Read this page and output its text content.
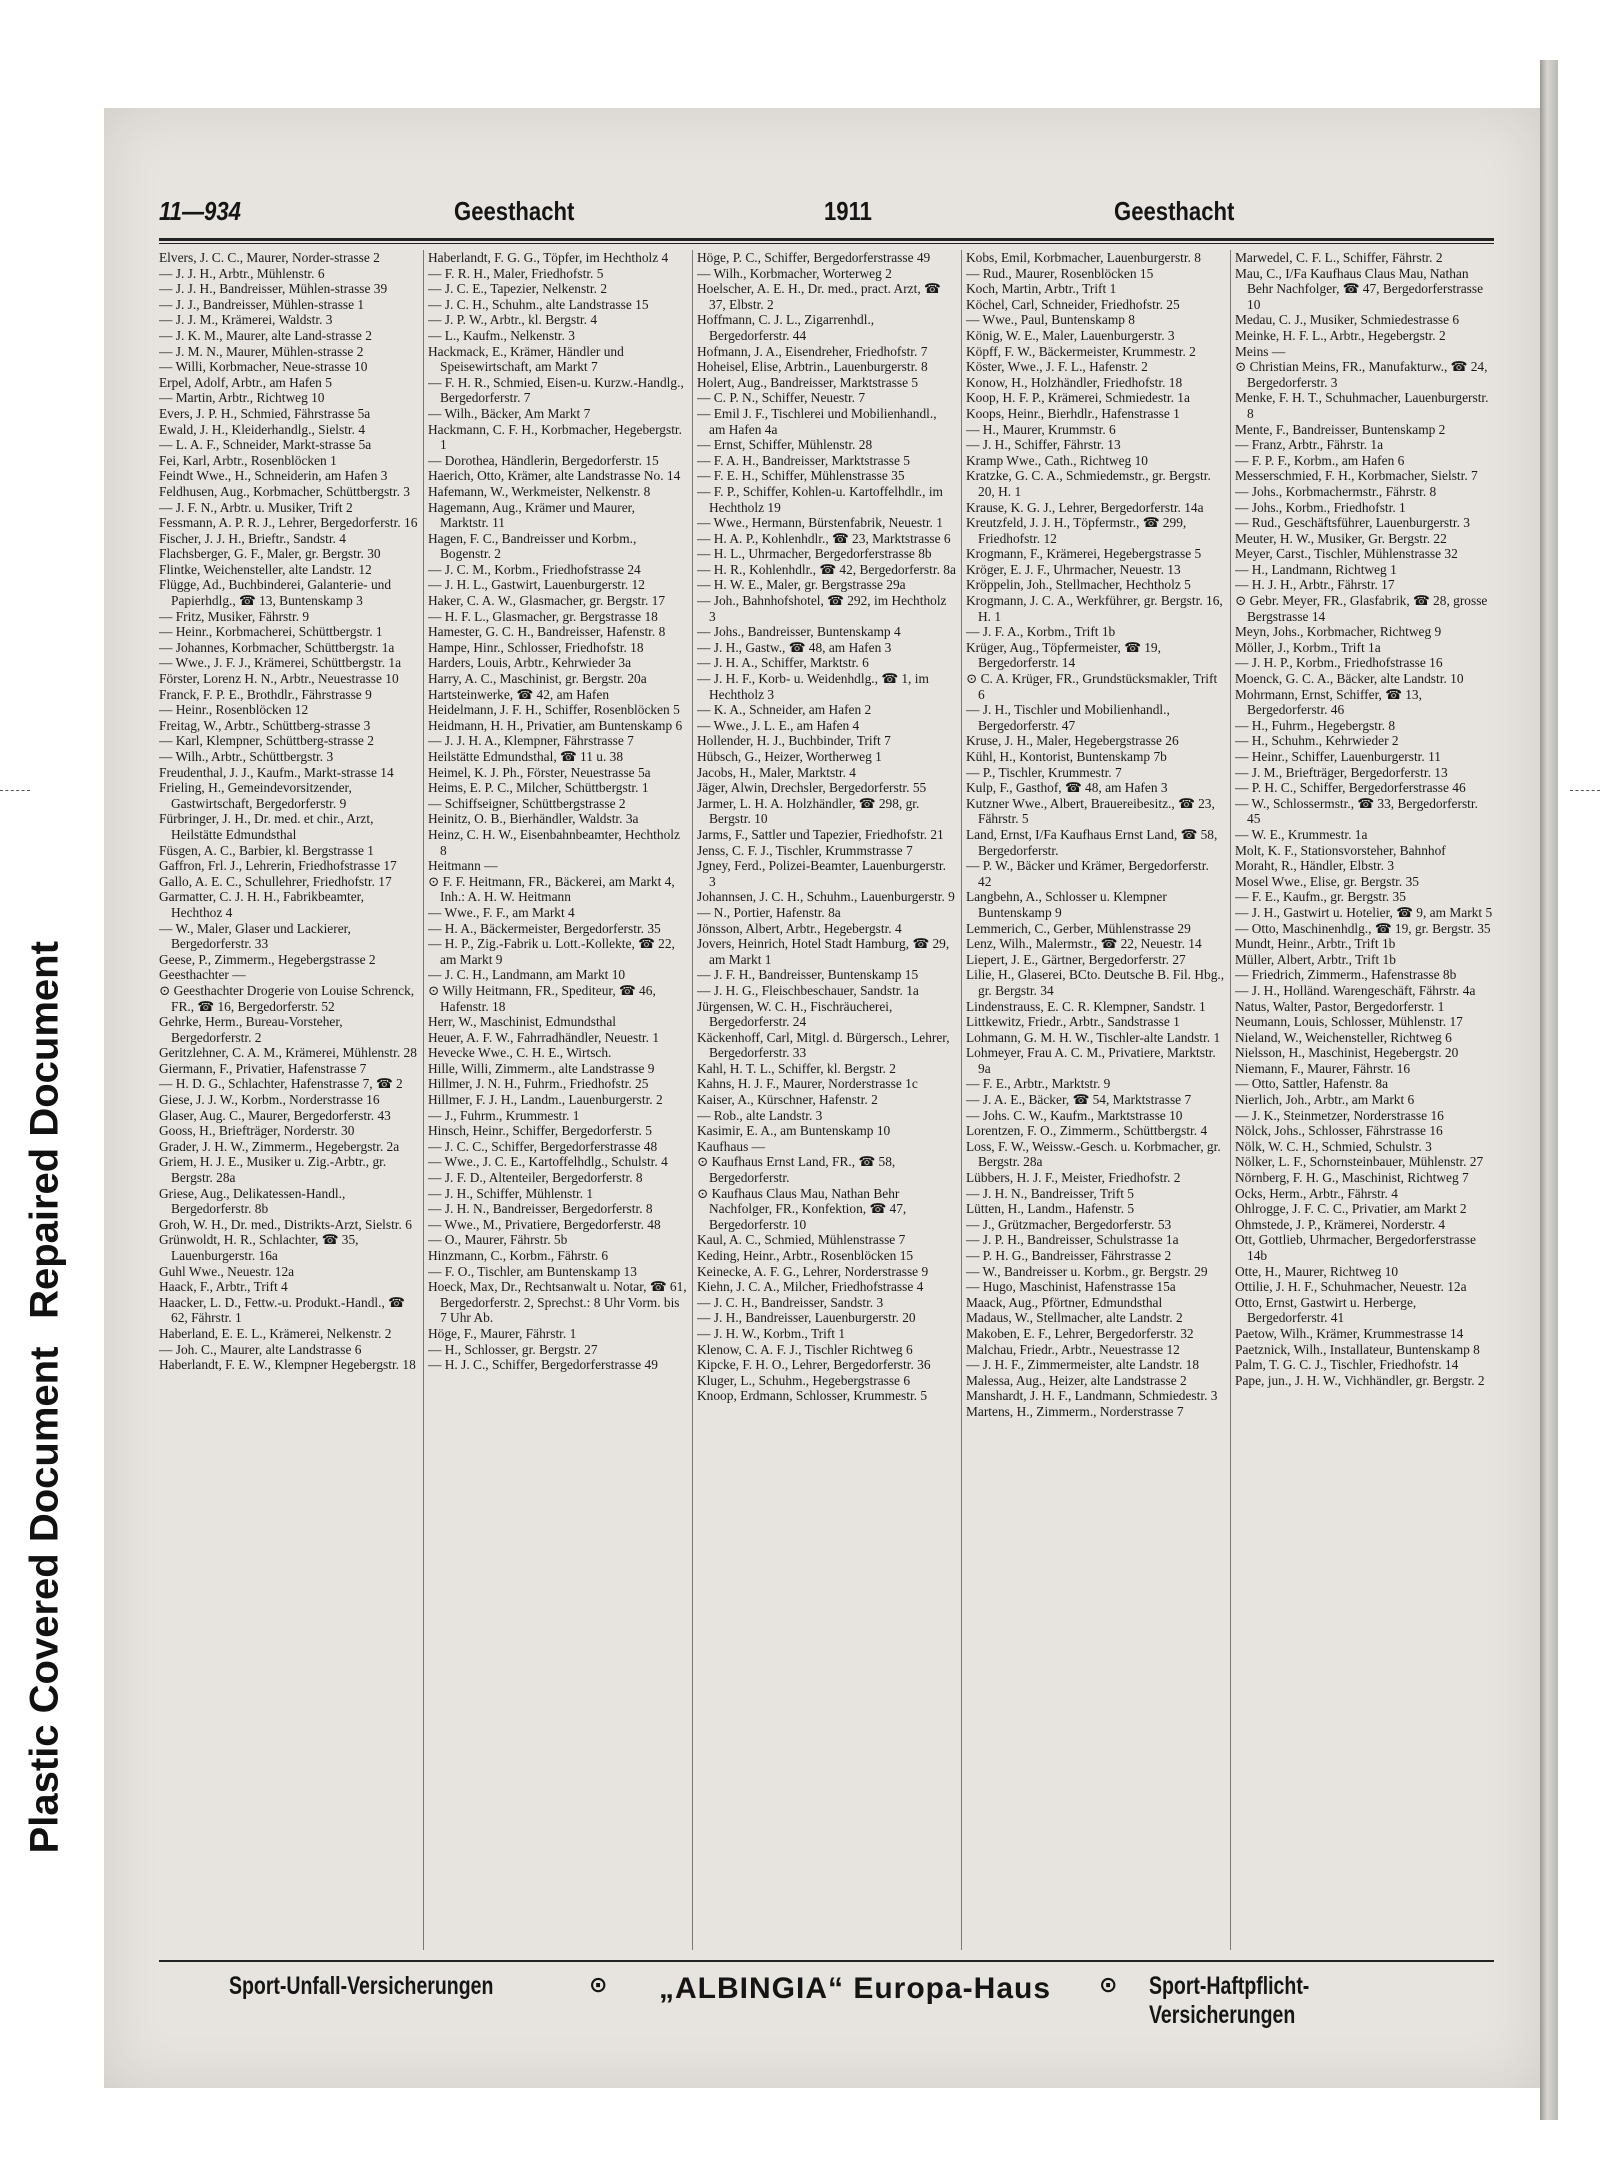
Repaired Document
Plastic Covered Document
11—934	Geesthacht	1911	Geesthacht

Elvers, J. C. C., Maurer, Norder-strasse 2

— J. J. H., Arbtr., Mühlenstr. 6

— J. J. H., Bandreisser, Mühlen-strasse 39

— J. J., Bandreisser, Mühlen-strasse 1

— J. J. M., Krämerei, Waldstr. 3

— J. K. M., Maurer, alte Land-strasse 2

— J. M. N., Maurer, Mühlen-strasse 2

— Willi, Korbmacher, Neue-strasse 10

Erpel, Adolf, Arbtr., am Hafen 5

— Martin, Arbtr., Richtweg 10

Evers, J. P. H., Schmied, Fährstrasse 5a

Ewald, J. H., Kleiderhandlg., Sielstr. 4

— L. A. F., Schneider, Markt-strasse 5a

Fei, Karl, Arbtr., Rosenblöcken 1

Feindt Wwe., H., Schneiderin, am Hafen 3

Feldhusen, Aug., Korbmacher, Schüttbergstr. 3

— J. F. N., Arbtr. u. Musiker, Trift 2

Fessmann, A. P. R. J., Lehrer, Bergedorferstr. 16

Fischer, J. J. H., Brieftr., Sandstr. 4

Flachsberger, G. F., Maler, gr. Bergstr. 30

Flintke, Weichensteller, alte Landstr. 12

Flügge, Ad., Buchbinderei, Galanterie- und Papierhdlg., ☎ 13, Buntenskamp 3

— Fritz, Musiker, Fährstr. 9

— Heinr., Korbmacherei, Schüttbergstr. 1

— Johannes, Korbmacher, Schüttbergstr. 1a

— Wwe., J. F. J., Krämerei, Schüttbergstr. 1a

Förster, Lorenz H. N., Arbtr., Neuestrasse 10

Franck, F. P. E., Brothdlr., Fährstrasse 9

— Heinr., Rosenblöcken 12

Freitag, W., Arbtr., Schüttberg-strasse 3

— Karl, Klempner, Schüttberg-strasse 2

— Wilh., Arbtr., Schüttbergstr. 3

Freudenthal, J. J., Kaufm., Markt-strasse 14

Frieling, H., Gemeindevorsitzender, Gastwirtschaft, Bergedorferstr. 9

Fürbringer, J. H., Dr. med. et chir., Arzt, Heilstätte Edmundsthal

Füsgen, A. C., Barbier, kl. Bergstrasse 1

Gaffron, Frl. J., Lehrerin, Friedhofstrasse 17

Gallo, A. E. C., Schullehrer, Friedhofstr. 17

Garmatter, C. J. H. H., Fabrikbeamter, Hechthoz 4

— W., Maler, Glaser und Lackierer, Bergedorferstr. 33

Geese, P., Zimmerm., Hegebergstrasse 2

Geesthachter —

⊙ Geesthachter Drogerie von Louise Schrenck, FR., ☎ 16, Bergedorferstr. 52

Gehrke, Herm., Bureau-Vorsteher, Bergedorferstr. 2

Geritzlehner, C. A. M., Krämerei, Mühlenstr. 28

Giermann, F., Privatier, Hafenstrasse 7

— H. D. G., Schlachter, Hafenstrasse 7, ☎ 2

Giese, J. J. W., Korbm., Norderstrasse 16

Glaser, Aug. C., Maurer, Bergedorferstr. 43

Gooss, H., Briefträger, Norderstr. 30

Grader, J. H. W., Zimmerm., Hegebergstr. 2a

Griem, H. J. E., Musiker u. Zig.-Arbtr., gr. Bergstr. 28a

Griese, Aug., Delikatessen-Handl., Bergedorferstr. 8b

Groh, W. H., Dr. med., Distrikts-Arzt, Sielstr. 6

Grünwoldt, H. R., Schlachter, ☎ 35, Lauenburgerstr. 16a

Guhl Wwe., Neuestr. 12a

Haack, F., Arbtr., Trift 4

Haacker, L. D., Fettw.-u. Produkt.-Handl., ☎ 62, Fährstr. 1

Haberland, E. E. L., Krämerei, Nelkenstr. 2

— Joh. C., Maurer, alte Landstrasse 6

Haberlandt, F. E. W., Klempner Hegebergstr. 18

Haberlandt, F. G. G., Töpfer, im Hechtholz 4

— F. R. H., Maler, Friedhofstr. 5

— J. C. E., Tapezier, Nelkenstr. 2

— J. C. H., Schuhm., alte Landstrasse 15

— J. P. W., Arbtr., kl. Bergstr. 4

— L., Kaufm., Nelkenstr. 3

Hackmack, E., Krämer, Händler und Speisewirtschaft, am Markt 7

— F. H. R., Schmied, Eisen-u. Kurzw.-Handlg., Bergedorferstr. 7

— Wilh., Bäcker, Am Markt 7

Hackmann, C. F. H., Korbmacher, Hegebergstr. 1

— Dorothea, Händlerin, Bergedorferstr. 15

Haerich, Otto, Krämer, alte Landstrasse No. 14

Hafemann, W., Werkmeister, Nelkenstr. 8

Hagemann, Aug., Krämer und Maurer, Marktstr. 11

Hagen, F. C., Bandreisser und Korbm., Bogenstr. 2

— J. C. M., Korbm., Friedhofstrasse 24

— J. H. L., Gastwirt, Lauenburgerstr. 12

Haker, C. A. W., Glasmacher, gr. Bergstr. 17

— H. F. L., Glasmacher, gr. Bergstrasse 18

Hamester, G. C. H., Bandreisser, Hafenstr. 8

Hampe, Hinr., Schlosser, Friedhofstr. 18

Harders, Louis, Arbtr., Kehrwieder 3a

Harry, A. C., Maschinist, gr. Bergstr. 20a

Hartsteinwerke, ☎ 42, am Hafen

Heidelmann, J. F. H., Schiffer, Rosenblöcken 5

Heidmann, H. H., Privatier, am Buntenskamp 6

— J. J. H. A., Klempner, Fährstrasse 7

Heilstätte Edmundsthal, ☎ 11 u. 38

Heimel, K. J. Ph., Förster, Neuestrasse 5a

Heims, E. P. C., Milcher, Schüttbergstr. 1

— Schiffseigner, Schüttbergstrasse 2

Heinitz, O. B., Bierhändler, Waldstr. 3a

Heinz, C. H. W., Eisenbahnbeamter, Hechtholz 8

Heitmann —

⊙ F. F. Heitmann, FR., Bäckerei, am Markt 4, Inh.: A. H. W. Heitmann

— Wwe., F. F., am Markt 4

— H. A., Bäckermeister, Bergedorferstr. 35

— H. P., Zig.-Fabrik u. Lott.-Kollekte, ☎ 22, am Markt 9

— J. C. H., Landmann, am Markt 10

⊙ Willy Heitmann, FR., Spediteur, ☎ 46, Hafenstr. 18

Herr, W., Maschinist, Edmundsthal

Heuer, A. F. W., Fahrradhändler, Neuestr. 1

Hevecke Wwe., C. H. E., Wirtsch.

Hille, Willi, Zimmerm., alte Landstrasse 9

Hillmer, J. N. H., Fuhrm., Friedhofstr. 25

Hillmer, F. J. H., Landm., Lauenburgerstr. 2

— J., Fuhrm., Krummestr. 1

Hinsch, Heinr., Schiffer, Bergedorferstr. 5

— J. C. C., Schiffer, Bergedorferstrasse 48

— Wwe., J. C. E., Kartoffelhdlg., Schulstr. 4

— J. F. D., Altenteiler, Bergedorferstr. 8

— J. H., Schiffer, Mühlenstr. 1

— J. H. N., Bandreisser, Bergedorferstr. 8

— Wwe., M., Privatiere, Bergedorferstr. 48

— O., Maurer, Fährstr. 5b

Hinzmann, C., Korbm., Fährstr. 6

— F. O., Tischler, am Buntenskamp 13

Hoeck, Max, Dr., Rechtsanwalt u. Notar, ☎ 61, Bergedorferstr. 2, Sprechst.: 8 Uhr Vorm. bis 7 Uhr Ab.

Höge, F., Maurer, Fährstr. 1

— H., Schlosser, gr. Bergstr. 27

— H. J. C., Schiffer, Bergedorferstrasse 49

Höge, P. C., Schiffer, Bergedorferstrasse 49

— Wilh., Korbmacher, Worterweg 2

Hoelscher, A. E. H., Dr. med., pract. Arzt, ☎ 37, Elbstr. 2

Hoffmann, C. J. L., Zigarrenhdl., Bergedorferstr. 44

Hofmann, J. A., Eisendreher, Friedhofstr. 7

Hoheisel, Elise, Arbtrin., Lauenburgerstr. 8

Holert, Aug., Bandreisser, Marktstrasse 5

— C. P. N., Schiffer, Neuestr. 7

— Emil J. F., Tischlerei und Mobilienhandl., am Hafen 4a

— Ernst, Schiffer, Mühlenstr. 28

— F. A. H., Bandreisser, Marktstrasse 5

— F. E. H., Schiffer, Mühlenstrasse 35

— F. P., Schiffer, Kohlen-u. Kartoffelhdlr., im Hechtholz 19

— Wwe., Hermann, Bürstenfabrik, Neuestr. 1

— H. A. P., Kohlenhdlr., ☎ 23, Marktstrasse 6

— H. L., Uhrmacher, Bergedorferstrasse 8b

— H. R., Kohlenhdlr., ☎ 42, Bergedorferstr. 8a

— H. W. E., Maler, gr. Bergstrasse 29a

— Joh., Bahnhofshotel, ☎ 292, im Hechtholz 3

— Johs., Bandreisser, Buntenskamp 4

— J. H., Gastw., ☎ 48, am Hafen 3

— J. H. A., Schiffer, Marktstr. 6

— J. H. F., Korb- u. Weidenhdlg., ☎ 1, im Hechtholz 3

— K. A., Schneider, am Hafen 2

— Wwe., J. L. E., am Hafen 4

Hollender, H. J., Buchbinder, Trift 7

Hübsch, G., Heizer, Wortherweg 1

Jacobs, H., Maler, Marktstr. 4

Jäger, Alwin, Drechsler, Bergedorferstr. 55

Jarmer, L. H. A. Holzhändler, ☎ 298, gr. Bergstr. 10

Jarms, F., Sattler und Tapezier, Friedhofstr. 21

Jenss, C. F. J., Tischler, Krummstrasse 7

Jgney, Ferd., Polizei-Beamter, Lauenburgerstr. 3

Johannsen, J. C. H., Schuhm., Lauenburgerstr. 9

— N., Portier, Hafenstr. 8a

Jönsson, Albert, Arbtr., Hegebergstr. 4

Jovers, Heinrich, Hotel Stadt Hamburg, ☎ 29, am Markt 1

— J. F. H., Bandreisser, Buntenskamp 15

— J. H. G., Fleischbeschauer, Sandstr. 1a

Jürgensen, W. C. H., Fischräucherei, Bergedorferstr. 24

Käckenhoff, Carl, Mitgl. d. Bürgersch., Lehrer, Bergedorferstr. 33

Kahl, H. T. L., Schiffer, kl. Bergstr. 2

Kahns, H. J. F., Maurer, Norderstrasse 1c

Kaiser, A., Kürschner, Hafenstr. 2

— Rob., alte Landstr. 3

Kasimir, E. A., am Buntenskamp 10

Kaufhaus —

⊙ Kaufhaus Ernst Land, FR., ☎ 58, Bergedorferstr.

⊙ Kaufhaus Claus Mau, Nathan Behr Nachfolger, FR., Konfektion, ☎ 47, Bergedorferstr. 10

Kaul, A. C., Schmied, Mühlenstrasse 7

Keding, Heinr., Arbtr., Rosenblöcken 15

Keinecke, A. F. G., Lehrer, Norderstrasse 9

Kiehn, J. C. A., Milcher, Friedhofstrasse 4

— J. C. H., Bandreisser, Sandstr. 3

— J. H., Bandreisser, Lauenburgerstr. 20

— J. H. W., Korbm., Trift 1

Klenow, C. A. F. J., Tischler Richtweg 6

Kipcke, F. H. O., Lehrer, Bergedorferstr. 36

Kluger, L., Schuhm., Hegebergstrasse 6

Knoop, Erdmann, Schlosser, Krummestr. 5

Kobs, Emil, Korbmacher, Lauenburgerstr. 8

— Rud., Maurer, Rosenblöcken 15

Koch, Martin, Arbtr., Trift 1

Köchel, Carl, Schneider, Friedhofstr. 25

— Wwe., Paul, Buntenskamp 8

König, W. E., Maler, Lauenburgerstr. 3

Köpff, F. W., Bäckermeister, Krummestr. 2

Köster, Wwe., J. F. L., Hafenstr. 2

Konow, H., Holzhändler, Friedhofstr. 18

Koop, H. F. P., Krämerei, Schmiedestr. 1a

Koops, Heinr., Bierhdlr., Hafenstrasse 1

— H., Maurer, Krummstr. 6

— J. H., Schiffer, Fährstr. 13

Kramp Wwe., Cath., Richtweg 10

Kratzke, G. C. A., Schmiedemstr., gr. Bergstr. 20, H. 1

Krause, K. G. J., Lehrer, Bergedorferstr. 14a

Kreutzfeld, J. J. H., Töpfermstr., ☎ 299, Friedhofstr. 12

Krogmann, F., Krämerei, Hegebergstrasse 5

Kröger, E. J. F., Uhrmacher, Neuestr. 13

Kröppelin, Joh., Stellmacher, Hechtholz 5

Krogmann, J. C. A., Werkführer, gr. Bergstr. 16, H. 1

— J. F. A., Korbm., Trift 1b

Krüger, Aug., Töpfermeister, ☎ 19, Bergedorferstr. 14

⊙ C. A. Krüger, FR., Grundstücksmakler, Trift 6

— J. H., Tischler und Mobilienhandl., Bergedorferstr. 47

Kruse, J. H., Maler, Hegebergstrasse 26

Kühl, H., Kontorist, Buntenskamp 7b

— P., Tischler, Krummestr. 7

Kulp, F., Gasthof, ☎ 48, am Hafen 3

Kutzner Wwe., Albert, Brauereibesitz., ☎ 23, Fährstr. 5

Land, Ernst, I/Fa Kaufhaus Ernst Land, ☎ 58, Bergedorferstr.

— P. W., Bäcker und Krämer, Bergedorferstr. 42

Langbehn, A., Schlosser u. Klempner Buntenskamp 9

Lemmerich, C., Gerber, Mühlenstrasse 29

Lenz, Wilh., Malermstr., ☎ 22, Neuestr. 14

Liepert, J. E., Gärtner, Bergedorferstr. 27

Lilie, H., Glaserei, BCto. Deutsche B. Fil. Hbg., gr. Bergstr. 34

Lindenstrauss, E. C. R. Klempner, Sandstr. 1

Littkewitz, Friedr., Arbtr., Sandstrasse 1

Lohmann, G. M. H. W., Tischler-alte Landstr. 1

Lohmeyer, Frau A. C. M., Privatiere, Marktstr. 9a

— F. E., Arbtr., Marktstr. 9

— J. A. E., Bäcker, ☎ 54, Marktstrasse 7

— Johs. C. W., Kaufm., Marktstrasse 10

Lorentzen, F. O., Zimmerm., Schüttbergstr. 4

Loss, F. W., Weissw.-Gesch. u. Korbmacher, gr. Bergstr. 28a

Lübbers, H. J. F., Meister, Friedhofstr. 2

— J. H. N., Bandreisser, Trift 5

Lütten, H., Landm., Hafenstr. 5

— J., Grützmacher, Bergedorferstr. 53

— J. P. H., Bandreisser, Schulstrasse 1a

— P. H. G., Bandreisser, Fährstrasse 2

— W., Bandreisser u. Korbm., gr. Bergstr. 29

— Hugo, Maschinist, Hafenstrasse 15a

Maack, Aug., Pförtner, Edmundsthal

Madaus, W., Stellmacher, alte Landstr. 2

Makoben, E. F., Lehrer, Bergedorferstr. 32

Malchau, Friedr., Arbtr., Neuestrasse 12

— J. H. F., Zimmermeister, alte Landstr. 18

Malessa, Aug., Heizer, alte Landstrasse 2

Manshardt, J. H. F., Landmann, Schmiedestr. 3

Martens, H., Zimmerm., Norderstrasse 7

Marwedel, C. F. L., Schiffer, Fährstr. 2

Mau, C., I/Fa Kaufhaus Claus Mau, Nathan Behr Nachfolger, ☎ 47, Bergedorferstrasse 10

Medau, C. J., Musiker, Schmiedestrasse 6

Meinke, H. F. L., Arbtr., Hegebergstr. 2

Meins —

⊙ Christian Meins, FR., Manufakturw., ☎ 24, Bergedorferstr. 3

Menke, F. H. T., Schuhmacher, Lauenburgerstr. 8

Mente, F., Bandreisser, Buntenskamp 2

— Franz, Arbtr., Fährstr. 1a

— F. P. F., Korbm., am Hafen 6

Messerschmied, F. H., Korbmacher, Sielstr. 7

— Johs., Korbmachermstr., Fährstr. 8

— Johs., Korbm., Friedhofstr. 1

— Rud., Geschäftsführer, Lauenburgerstr. 3

Meuter, H. W., Musiker, Gr. Bergstr. 22

Meyer, Carst., Tischler, Mühlenstrasse 32

— H., Landmann, Richtweg 1

— H. J. H., Arbtr., Fährstr. 17

⊙ Gebr. Meyer, FR., Glasfabrik, ☎ 28, grosse Bergstrasse 14

Meyn, Johs., Korbmacher, Richtweg 9

Möller, J., Korbm., Trift 1a

— J. H. P., Korbm., Friedhofstrasse 16

Moenck, G. C. A., Bäcker, alte Landstr. 10

Mohrmann, Ernst, Schiffer, ☎ 13, Bergedorferstr. 46

— H., Fuhrm., Hegebergstr. 8

— H., Schuhm., Kehrwieder 2

— Heinr., Schiffer, Lauenburgerstr. 11

— J. M., Briefträger, Bergedorferstr. 13

— P. H. C., Schiffer, Bergedorferstrasse 46

— W., Schlossermstr., ☎ 33, Bergedorferstr. 45

— W. E., Krummestr. 1a

Molt, K. F., Stationsvorsteher, Bahnhof

Moraht, R., Händler, Elbstr. 3

Mosel Wwe., Elise, gr. Bergstr. 35

— F. E., Kaufm., gr. Bergstr. 35

— J. H., Gastwirt u. Hotelier, ☎ 9, am Markt 5

— Otto, Maschinenhdlg., ☎ 19, gr. Bergstr. 35

Mundt, Heinr., Arbtr., Trift 1b

Müller, Albert, Arbtr., Trift 1b

— Friedrich, Zimmerm., Hafenstrasse 8b

— J. H., Holländ. Warengeschäft, Fährstr. 4a

Natus, Walter, Pastor, Bergedorferstr. 1

Neumann, Louis, Schlosser, Mühlenstr. 17

Nieland, W., Weichensteller, Richtweg 6

Nielsson, H., Maschinist, Hegebergstr. 20

Niemann, F., Maurer, Fährstr. 16

— Otto, Sattler, Hafenstr. 8a

Nierlich, Joh., Arbtr., am Markt 6

— J. K., Steinmetzer, Norderstrasse 16

Nölck, Johs., Schlosser, Fährstrasse 16

Nölk, W. C. H., Schmied, Schulstr. 3

Nölker, L. F., Schornsteinbauer, Mühlenstr. 27

Nörnberg, F. H. G., Maschinist, Richtweg 7

Ocks, Herm., Arbtr., Fährstr. 4

Ohlrogge, J. F. C. C., Privatier, am Markt 2

Ohmstede, J. P., Krämerei, Norderstr. 4

Ott, Gottlieb, Uhrmacher, Bergedorferstrasse 14b

Otte, H., Maurer, Richtweg 10

Ottilie, J. H. F., Schuhmacher, Neuestr. 12a

Otto, Ernst, Gastwirt u. Herberge, Bergedorferstr. 41

Paetow, Wilh., Krämer, Krummestrasse 14

Paetznick, Wilh., Installateur, Buntenskamp 8

Palm, T. G. C. J., Tischler, Friedhofstr. 14

Pape, jun., J. H. W., Vichhändler, gr. Bergstr. 2

Sport-Unfall-Versicherungen	⊙ „ALBINGIA“ Europa-Haus ⊙ Sport-Haftpflicht-Versicherungen
